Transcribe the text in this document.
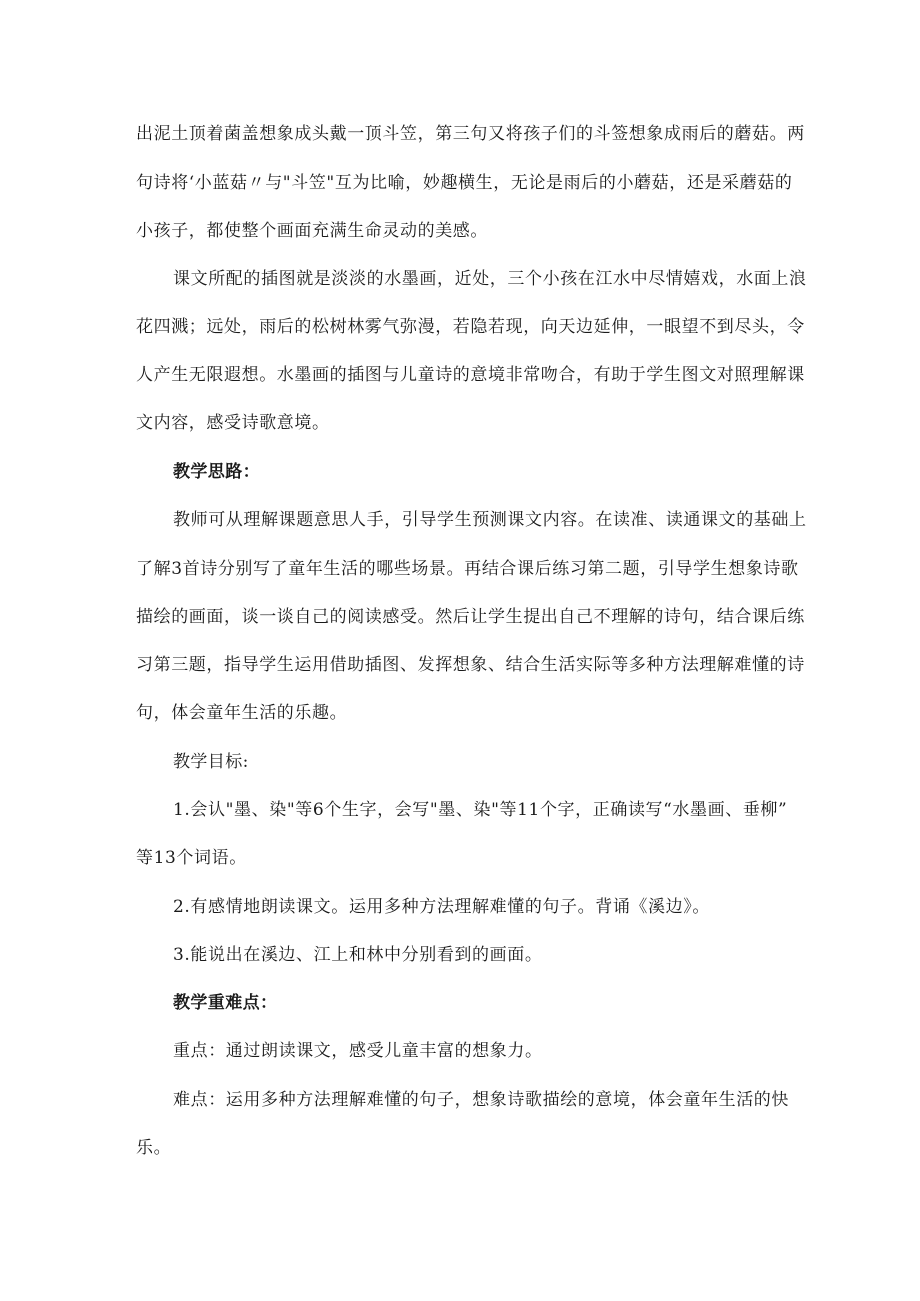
出泥土顶着菌盖想象成头戴一顶斗笠，第三句又将孩子们的斗签想象成雨后的蘑菇。两
句诗将‘小蓝菇〃与"斗笠"互为比喻，妙趣横生，无论是雨后的小蘑菇，还是采蘑菇的
小孩子，都使整个画面充满生命灵动的美感。
课文所配的插图就是淡淡的水墨画，近处，三个小孩在江水中尽情嬉戏，水面上浪
花四溅；远处，雨后的松树林雾气弥漫，若隐若现，向天边延伸，一眼望不到尽头，令
人产生无限遐想。水墨画的插图与儿童诗的意境非常吻合，有助于学生图文对照理解课
文内容，感受诗歌意境。
教学思路：
教师可从理解课题意思人手，引导学生预测课文内容。在读准、读通课文的基础上
了解3首诗分别写了童年生活的哪些场景。再结合课后练习第二题，引导学生想象诗歌
描绘的画面，谈一谈自己的阅读感受。然后让学生提出自己不理解的诗句，结合课后练
习第三题，指导学生运用借助插图、发挥想象、结合生活实际等多种方法理解难懂的诗
句，体会童年生活的乐趣。
教学目标:
1.会认"墨、染"等6个生字，会写"墨、染"等11个字，正确读写“水墨画、垂柳”
等13个词语。
2.有感情地朗读课文。运用多种方法理解难懂的句子。背诵《溪边》。
3.能说出在溪边、江上和林中分别看到的画面。
教学重难点：
重点：通过朗读课文，感受儿童丰富的想象力。
难点：运用多种方法理解难懂的句子，想象诗歌描绘的意境，体会童年生活的快
乐。
